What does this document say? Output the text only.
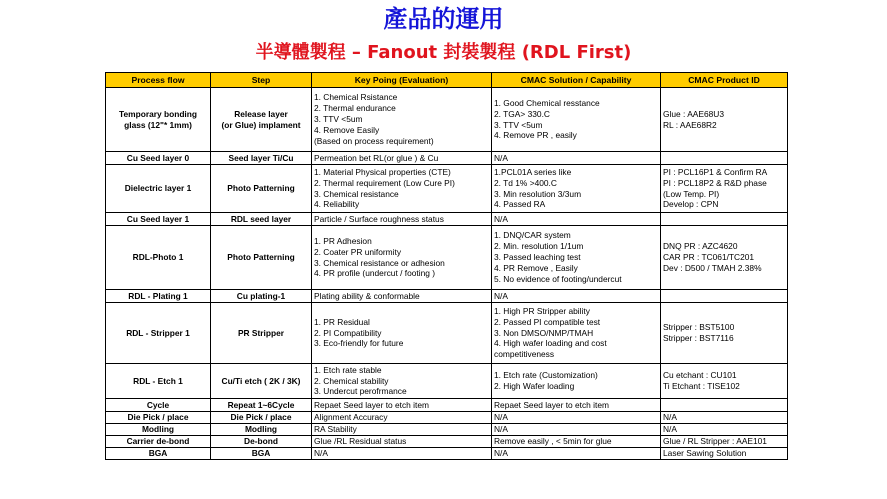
產品的運用
半導體製程 – Fanout 封裝製程 (RDL First)
Process flow	Step	Key Poing (Evaluation)	CMAC Solution / Capability	CMAC Product ID

Temporary bonding
glass (12"* 1mm)	Release layer
(or Glue) implament	1. Chemical Rsistance
2. Thermal endurance
3. TTV <5um
4. Remove Easily
(Based on process requirement)	1. Good Chemical resstance
2. TGA> 330.C
3. TTV <5um
4. Remove PR , easily	Glue : AAE68U3
RL : AAE68R2

Cu Seed layer 0	Seed layer Ti/Cu	Permeation bet RL(or glue ) & Cu	N/A	

Dielectric layer 1	Photo Patterning	1. Material Physical properties (CTE)
2. Thermal requirement (Low Cure PI)
3. Chemical resistance
4. Reliability	1.PCL01A series like
2. Td 1% >400.C
3. Min resolution 3/3um
4. Passed RA	PI : PCL16P1 & Confirm RA
PI : PCL18P2 & R&D phase
(Low Temp. PI)
Develop : CPN

Cu Seed layer 1	RDL seed layer	Particle / Surface roughness status	N/A	

RDL-Photo 1	Photo Patterning	1. PR Adhesion
2. Coater PR uniformity
3. Chemical resistance or adhesion
4. PR profile (undercut / footing )	1. DNQ/CAR system
2. Min. resolution 1/1um
3. Passed leaching test
4. PR Remove , Easily
5. No evidence of footing/undercut	DNQ PR : AZC4620
CAR PR : TC061/TC201
Dev : D500 / TMAH 2.38%

RDL - Plating 1	Cu plating-1	Plating ability & conformable	N/A	

RDL - Stripper 1	PR Stripper	1. PR Residual
2. PI Compatibility
3. Eco-friendly for future	1. High PR Stripper ability
2. Passed PI compatible test
3. Non DMSO/NMP/TMAH
4. High wafer loading and cost
competitiveness	Stripper : BST5100
Stripper : BST7116

RDL - Etch 1	Cu/Ti etch ( 2K / 3K)	1. Etch rate stable
2. Chemical stability
3. Undercut perofrmance	1. Etch rate (Customization)
2. High Wafer loading	Cu etchant : CU101
Ti Etchant : TISE102

Cycle	Repeat 1~6Cycle	Repaet Seed layer to etch item	Repaet Seed layer to etch item	

Die Pick / place	Die Pick / place	Alignment Accuracy	N/A	N/A

Modling	Modling	RA Stability	N/A	N/A

Carrier de-bond	De-bond	Glue /RL Residual status	Remove easily , < 5min for glue	Glue / RL Stripper : AAE101

BGA	BGA	N/A	N/A	Laser Sawing Solution
